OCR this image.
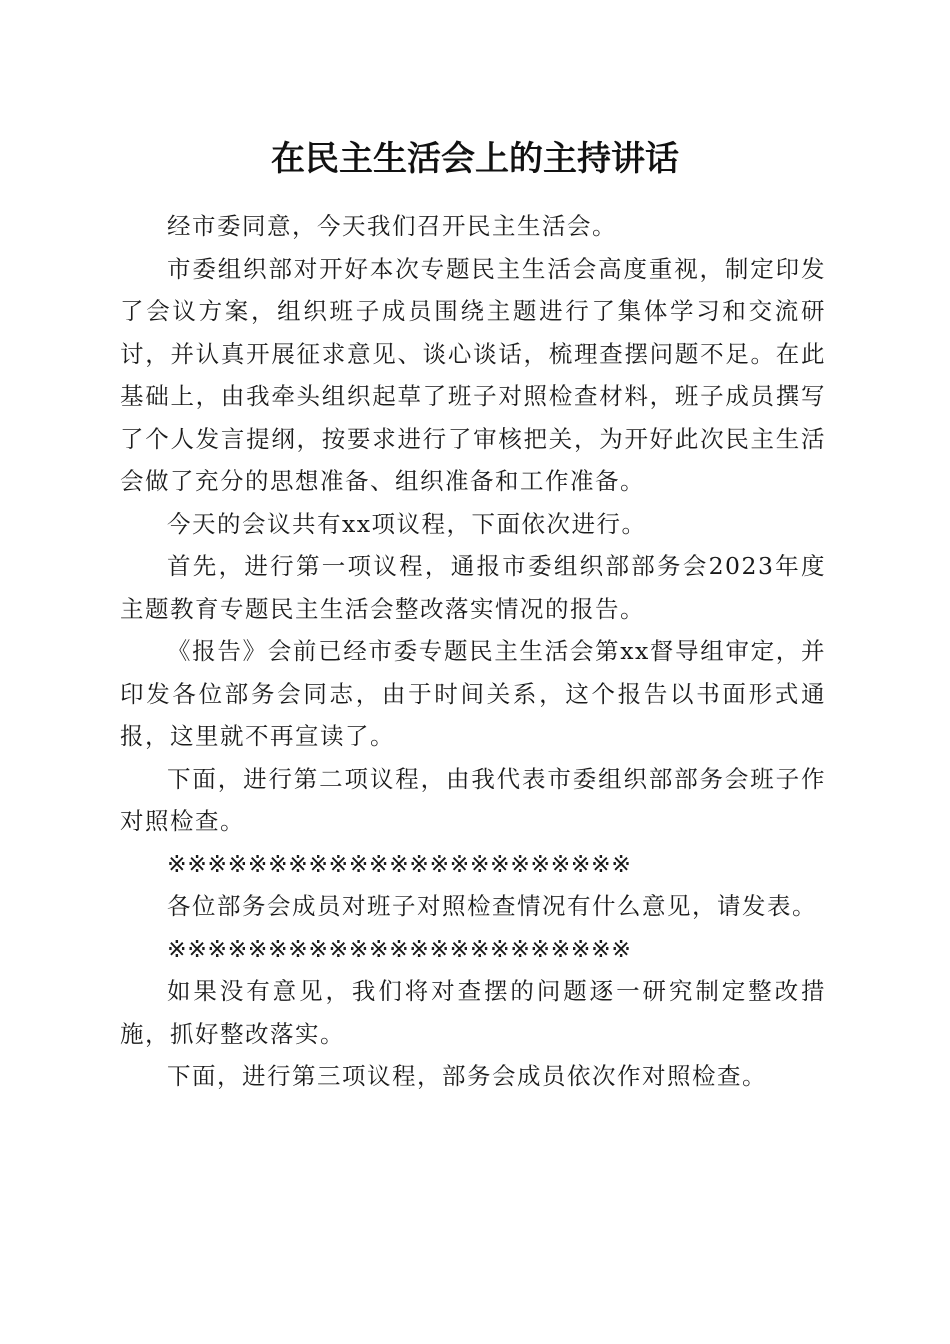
在民主生活会上的主持讲话

经市委同意，今天我们召开民主生活会。

市委组织部对开好本次专题民主生活会高度重视，制定印发了会议方案，组织班子成员围绕主题进行了集体学习和交流研讨，并认真开展征求意见、谈心谈话，梳理查摆问题不足。在此基础上，由我牵头组织起草了班子对照检查材料，班子成员撰写了个人发言提纲，按要求进行了审核把关，为开好此次民主生活会做了充分的思想准备、组织准备和工作准备。

今天的会议共有xx项议程，下面依次进行。

首先，进行第一项议程，通报市委组织部部务会2023年度主题教育专题民主生活会整改落实情况的报告。

《报告》会前已经市委专题民主生活会第xx督导组审定，并印发各位部务会同志，由于时间关系，这个报告以书面形式通报，这里就不再宣读了。

下面，进行第二项议程，由我代表市委组织部部务会班子作对照检查。

※※※※※※※※※※※※※※※※※※※※※※※

各位部务会成员对班子对照检查情况有什么意见，请发表。

※※※※※※※※※※※※※※※※※※※※※※※

如果没有意见，我们将对查摆的问题逐一研究制定整改措施，抓好整改落实。

下面，进行第三项议程，部务会成员依次作对照检查。
